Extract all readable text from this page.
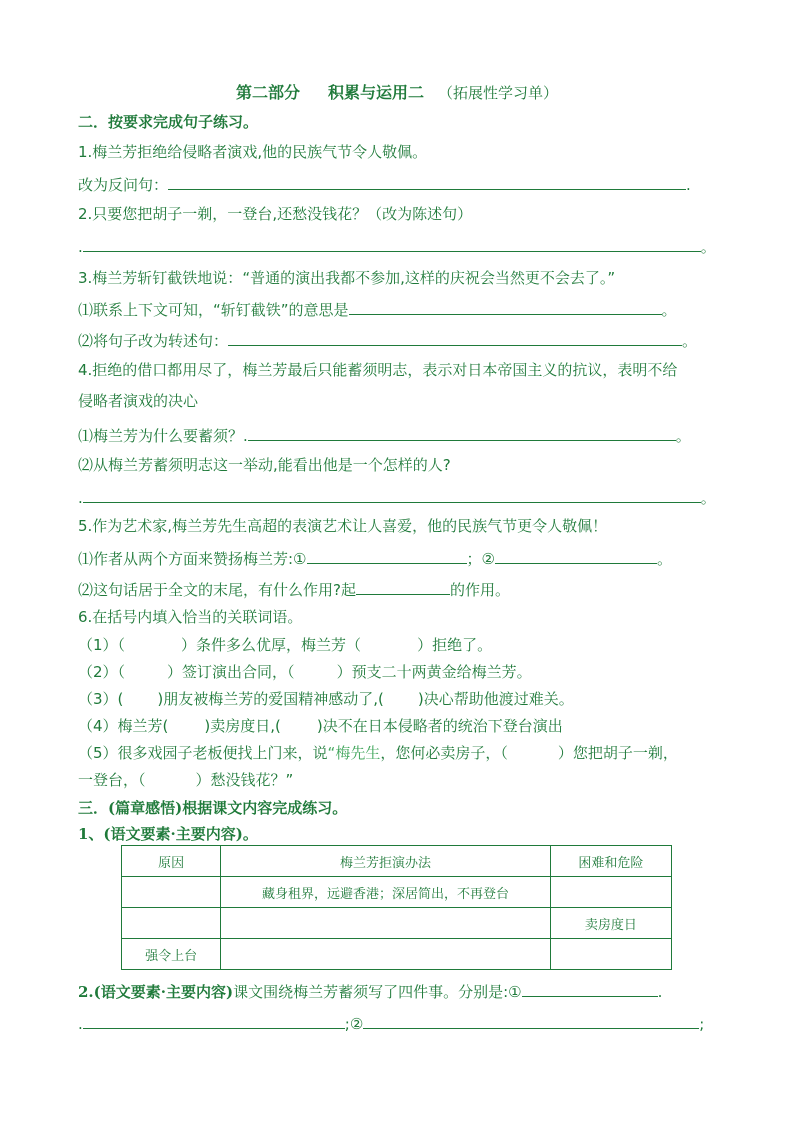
第二部分 积累与运用二 （拓展性学习单）
二．按要求完成句子练习。
1.梅兰芳拒绝给侵略者演戏,他的民族气节令人敬佩。
改为反问句：	.
2.只要您把胡子一剃，一登台,还愁没钱花？（改为陈述句）
.	。
3.梅兰芳斩钉截铁地说：“普通的演出我都不参加,这样的庆祝会当然更不会去了。”
⑴联系上下文可知，“斩钉截铁”的意思是	。
⑵将句子改为转述句：	。
4.拒绝的借口都用尽了，梅兰芳最后只能蓄须明志，表示对日本帝国主义的抗议，表明不给
侵略者演戏的决心
⑴梅兰芳为什么要蓄须？.	。
⑵从梅兰芳蓄须明志这一举动,能看出他是一个怎样的人?
.	。
5.作为艺术家,梅兰芳先生高超的表演艺术让人喜爱，他的民族气节更令人敬佩！
⑴作者从两个方面来赞扬梅兰芳:①	；②	。
⑵这句话居于全文的末尾，有什么作用?起	的作用。
6.在括号内填入恰当的关联词语。
（1）（	）条件多么优厚，梅兰芳（	）拒绝了。
（2）（	）签订演出合同，（	）预支二十两黄金给梅兰芳。
（3）( )朋友被梅兰芳的爱国精神感动了,( )决心帮助他渡过难关。
（4）梅兰芳( )卖房度日,( )决不在日本侵略者的统治下登台演出
（5）很多戏园子老板便找上门来，说“梅先生，您何必卖房子，（	）您把胡子一剃，
一登台，（	）愁没钱花？”
三．(篇章感悟)根据课文内容完成练习。
1、(语文要素·主要内容)。
原因	梅兰芳拒演办法	困难和危险
	藏身租界，远避香港；深居简出，不再登台	
		卖房度日
强令上台		
2.(语文要素·主要内容)课文围绕梅兰芳蓄须写了四件事。分别是:①	.
.	;②	;
